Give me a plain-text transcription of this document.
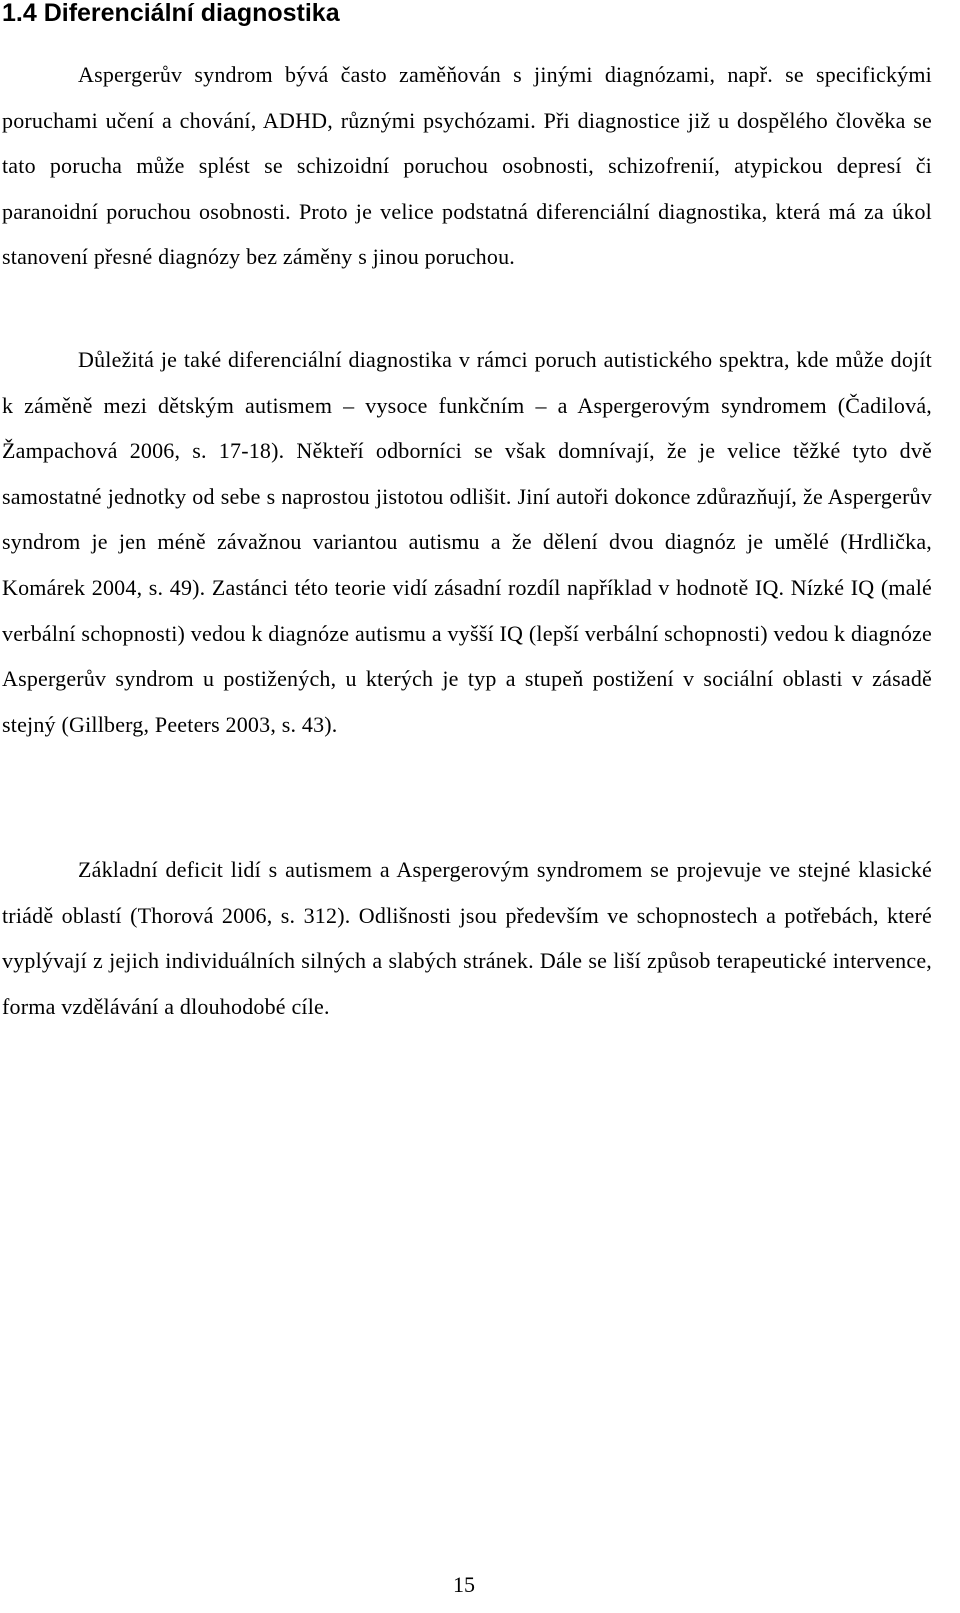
1.4 Diferenciální diagnostika

Aspergerův syndrom bývá často zaměňován s jinými diagnózami, např. se specifickými poruchami učení a chování, ADHD, různými psychózami. Při diagnostice již u dospělého člověka se tato porucha může splést se schizoidní poruchou osobnosti, schizofrenií, atypickou depresí či paranoidní poruchou osobnosti. Proto je velice podstatná diferenciální diagnostika, která má za úkol stanovení přesné diagnózy bez záměny s jinou poruchou.

Důležitá je také diferenciální diagnostika v rámci poruch autistického spektra, kde může dojít k záměně mezi dětským autismem – vysoce funkčním – a Aspergerovým syndromem (Čadilová, Žampachová 2006, s. 17-18). Někteří odborníci se však domnívají, že je velice těžké tyto dvě samostatné jednotky od sebe s naprostou jistotou odlišit. Jiní autoři dokonce zdůrazňují, že Aspergerův syndrom je jen méně závažnou variantou autismu a že dělení dvou diagnóz je umělé (Hrdlička, Komárek 2004, s. 49). Zastánci této teorie vidí zásadní rozdíl například v hodnotě IQ. Nízké IQ (malé verbální schopnosti) vedou k diagnóze autismu a vyšší IQ (lepší verbální schopnosti) vedou k diagnóze Aspergerův syndrom u postižených, u kterých je typ a stupeň postižení v sociální oblasti v zásadě stejný (Gillberg, Peeters 2003, s. 43).

Základní deficit lidí s autismem a Aspergerovým syndromem se projevuje ve stejné klasické triádě oblastí (Thorová 2006, s. 312). Odlišnosti jsou především ve schopnostech a potřebách, které vyplývají z jejich individuálních silných a slabých stránek. Dále se liší způsob terapeutické intervence, forma vzdělávání a dlouhodobé cíle.

15
